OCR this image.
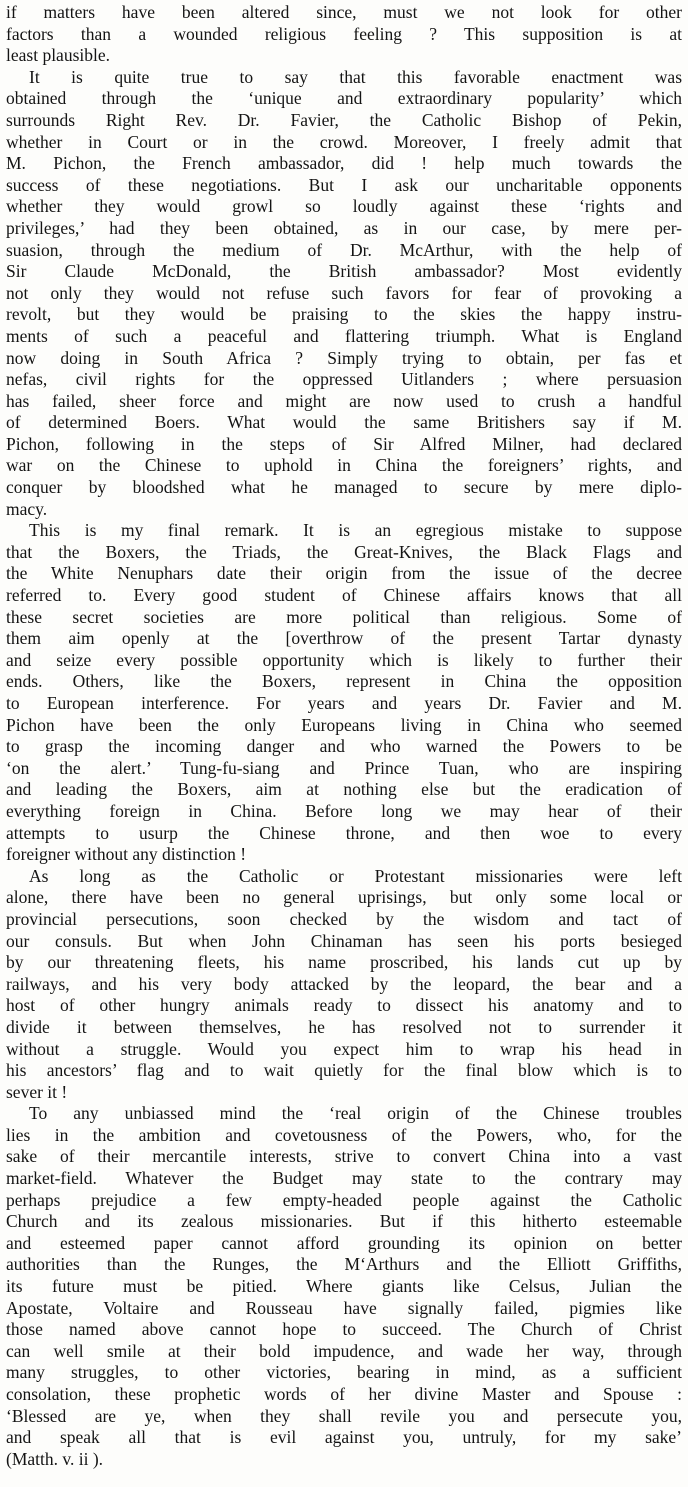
if matters have been altered since, must we not look for other
factors than a wounded religious feeling ? This supposition is at
least plausible.
It is quite true to say that this favorable enactment was
obtained through the ‘unique and extraordinary popularity’ which
surrounds Right Rev. Dr. Favier, the Catholic Bishop of Pekin,
whether in Court or in the crowd. Moreover, I freely admit that
M. Pichon, the French ambassador, did ! help much towards the
success of these negotiations. But I ask our uncharitable opponents
whether they would growl so loudly against these ‘rights and
privileges,’ had they been obtained, as in our case, by mere per-
suasion, through the medium of Dr. McArthur, with the help of
Sir Claude McDonald, the British ambassador? Most evidently
not only they would not refuse such favors for fear of provoking a
revolt, but they would be praising to the skies the happy instru-
ments of such a peaceful and flattering triumph. What is England
now doing in South Africa ? Simply trying to obtain, per fas et
nefas, civil rights for the oppressed Uitlanders ; where persuasion
has failed, sheer force and might are now used to crush a handful
of determined Boers. What would the same Britishers say if M.
Pichon, following in the steps of Sir Alfred Milner, had declared
war on the Chinese to uphold in China the foreigners’ rights, and
conquer by bloodshed what he managed to secure by mere diplo-
macy.
This is my final remark. It is an egregious mistake to suppose
that the Boxers, the Triads, the Great-Knives, the Black Flags and
the White Nenuphars date their origin from the issue of the decree
referred to. Every good student of Chinese affairs knows that all
these secret societies are more political than religious. Some of
them aim openly at the [overthrow of the present Tartar dynasty
and seize every possible opportunity which is likely to further their
ends. Others, like the Boxers, represent in China the opposition
to European interference. For years and years Dr. Favier and M.
Pichon have been the only Europeans living in China who seemed
to grasp the incoming danger and who warned the Powers to be
‘on the alert.’ Tung-fu-siang and Prince Tuan, who are inspiring
and leading the Boxers, aim at nothing else but the eradication of
everything foreign in China. Before long we may hear of their
attempts to usurp the Chinese throne, and then woe to every
foreigner without any distinction !
As long as the Catholic or Protestant missionaries were left
alone, there have been no general uprisings, but only some local or
provincial persecutions, soon checked by the wisdom and tact of
our consuls. But when John Chinaman has seen his ports besieged
by our threatening fleets, his name proscribed, his lands cut up by
railways, and his very body attacked by the leopard, the bear and a
host of other hungry animals ready to dissect his anatomy and to
divide it between themselves, he has resolved not to surrender it
without a struggle. Would you expect him to wrap his head in
his ancestors’ flag and to wait quietly for the final blow which is to
sever it !
To any unbiassed mind the ‘real origin of the Chinese troubles
lies in the ambition and covetousness of the Powers, who, for the
sake of their mercantile interests, strive to convert China into a vast
market-field. Whatever the Budget may state to the contrary may
perhaps prejudice a few empty-headed people against the Catholic
Church and its zealous missionaries. But if this hitherto esteemable
and esteemed paper cannot afford grounding its opinion on better
authorities than the Runges, the M‘Arthurs and the Elliott Griffiths,
its future must be pitied. Where giants like Celsus, Julian the
Apostate, Voltaire and Rousseau have signally failed, pigmies like
those named above cannot hope to succeed. The Church of Christ
can well smile at their bold impudence, and wade her way, through
many struggles, to other victories, bearing in mind, as a sufficient
consolation, these prophetic words of her divine Master and Spouse :
‘Blessed are ye, when they shall revile you and persecute you,
and speak all that is evil against you, untruly, for my sake’
(Matth. v. ii ).
